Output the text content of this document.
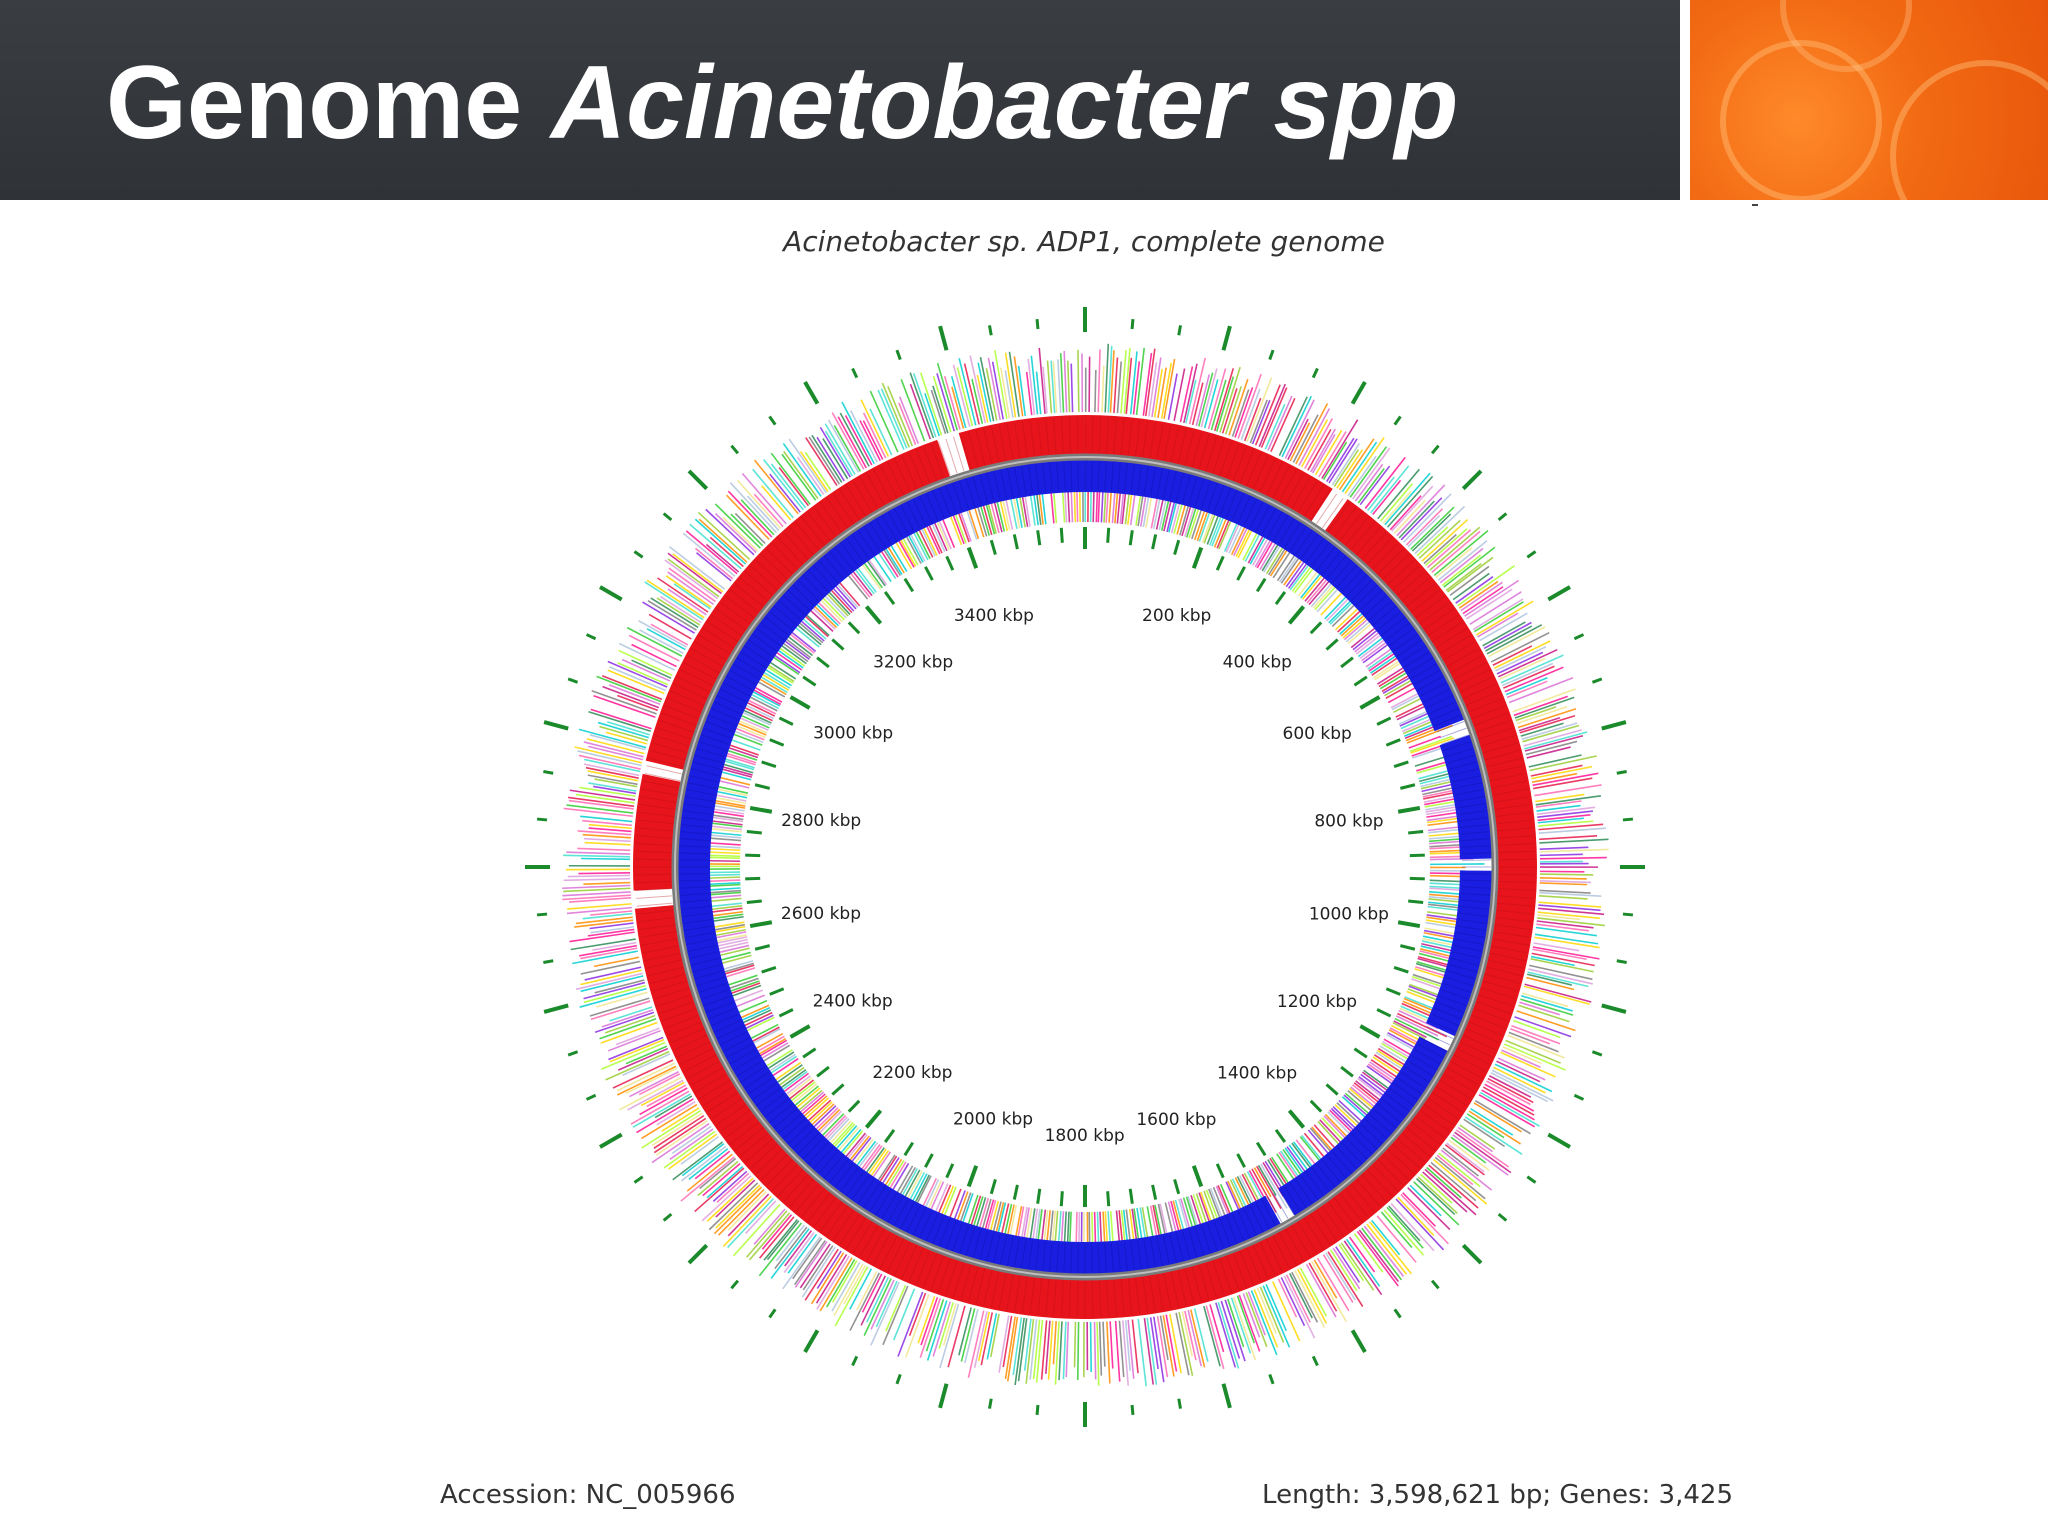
Genome Acinetobacter spp
Acinetobacter sp. ADP1, complete genome
200 kbp
400 kbp
600 kbp
800 kbp
1000 kbp
1200 kbp
1400 kbp
1600 kbp
1800 kbp
2000 kbp
2200 kbp
2400 kbp
2600 kbp
2800 kbp
3000 kbp
3200 kbp
3400 kbp
Accession: NC_005966	Length: 3,598,621 bp; Genes: 3,425
